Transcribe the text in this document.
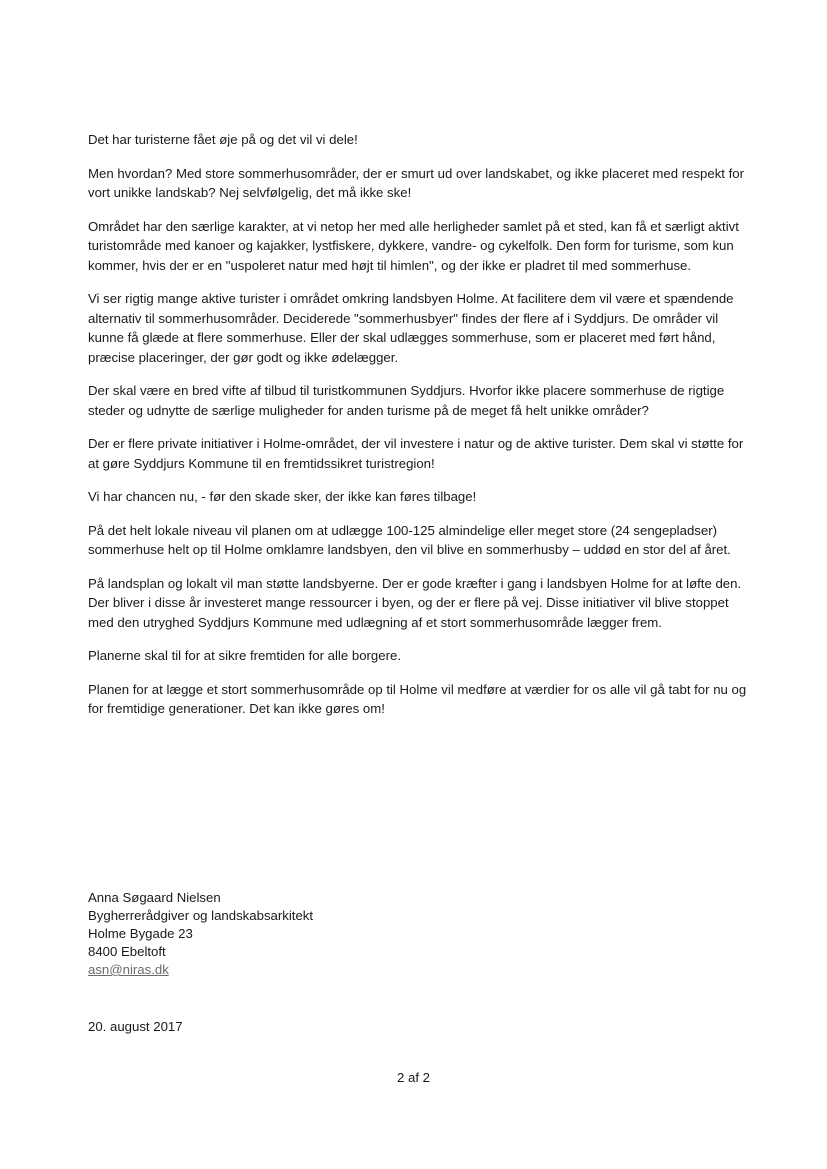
Det har turisterne fået øje på og det vil vi dele!

Men hvordan? Med store sommerhusområder, der er smurt ud over landskabet, og ikke placeret med respekt for vort unikke landskab? Nej selvfølgelig, det må ikke ske!

Området har den særlige karakter, at vi netop her med alle herligheder samlet på et sted, kan få et særligt aktivt turistområde med kanoer og kajakker, lystfiskere, dykkere, vandre- og cykelfolk. Den form for turisme, som kun kommer, hvis der er en "uspoleret natur med højt til himlen", og der ikke er pladret til med sommerhuse.

Vi ser rigtig mange aktive turister i området omkring landsbyen Holme. At facilitere dem vil være et spændende alternativ til sommerhusområder. Deciderede "sommerhusbyer" findes der flere af i Syddjurs. De områder vil kunne få glæde at flere sommerhuse. Eller der skal udlægges sommerhuse, som er placeret med ført hånd, præcise placeringer, der gør godt og ikke ødelægger.

Der skal være en bred vifte af tilbud til turistkommunen Syddjurs. Hvorfor ikke placere sommerhuse de rigtige steder og udnytte de særlige muligheder for anden turisme på de meget få helt unikke områder?

Der er flere private initiativer i Holme-området, der vil investere i natur og de aktive turister. Dem skal vi støtte for at gøre Syddjurs Kommune til en fremtidssikret turistregion!

Vi har chancen nu, - før den skade sker, der ikke kan føres tilbage!

På det helt lokale niveau vil planen om at udlægge 100-125 almindelige eller meget store (24 sengepladser) sommerhuse helt op til Holme omklamre landsbyen, den vil blive en sommerhusby – uddød en stor del af året.

På landsplan og lokalt vil man støtte landsbyerne. Der er gode kræfter i gang i landsbyen Holme for at løfte den. Der bliver i disse år investeret mange ressourcer i byen, og der er flere på vej. Disse initiativer vil blive stoppet med den utryghed Syddjurs Kommune med udlægning af et stort sommerhusområde lægger frem.

Planerne skal til for at sikre fremtiden for alle borgere.

Planen for at lægge et stort sommerhusområde op til Holme vil medføre at værdier for os alle vil gå tabt for nu og for fremtidige generationer. Det kan ikke gøres om!

Anna Søgaard Nielsen
Bygherrerådgiver og landskabsarkitekt
Holme Bygade 23
8400 Ebeltoft
asn@niras.dk
20. august 2017
2 af 2
